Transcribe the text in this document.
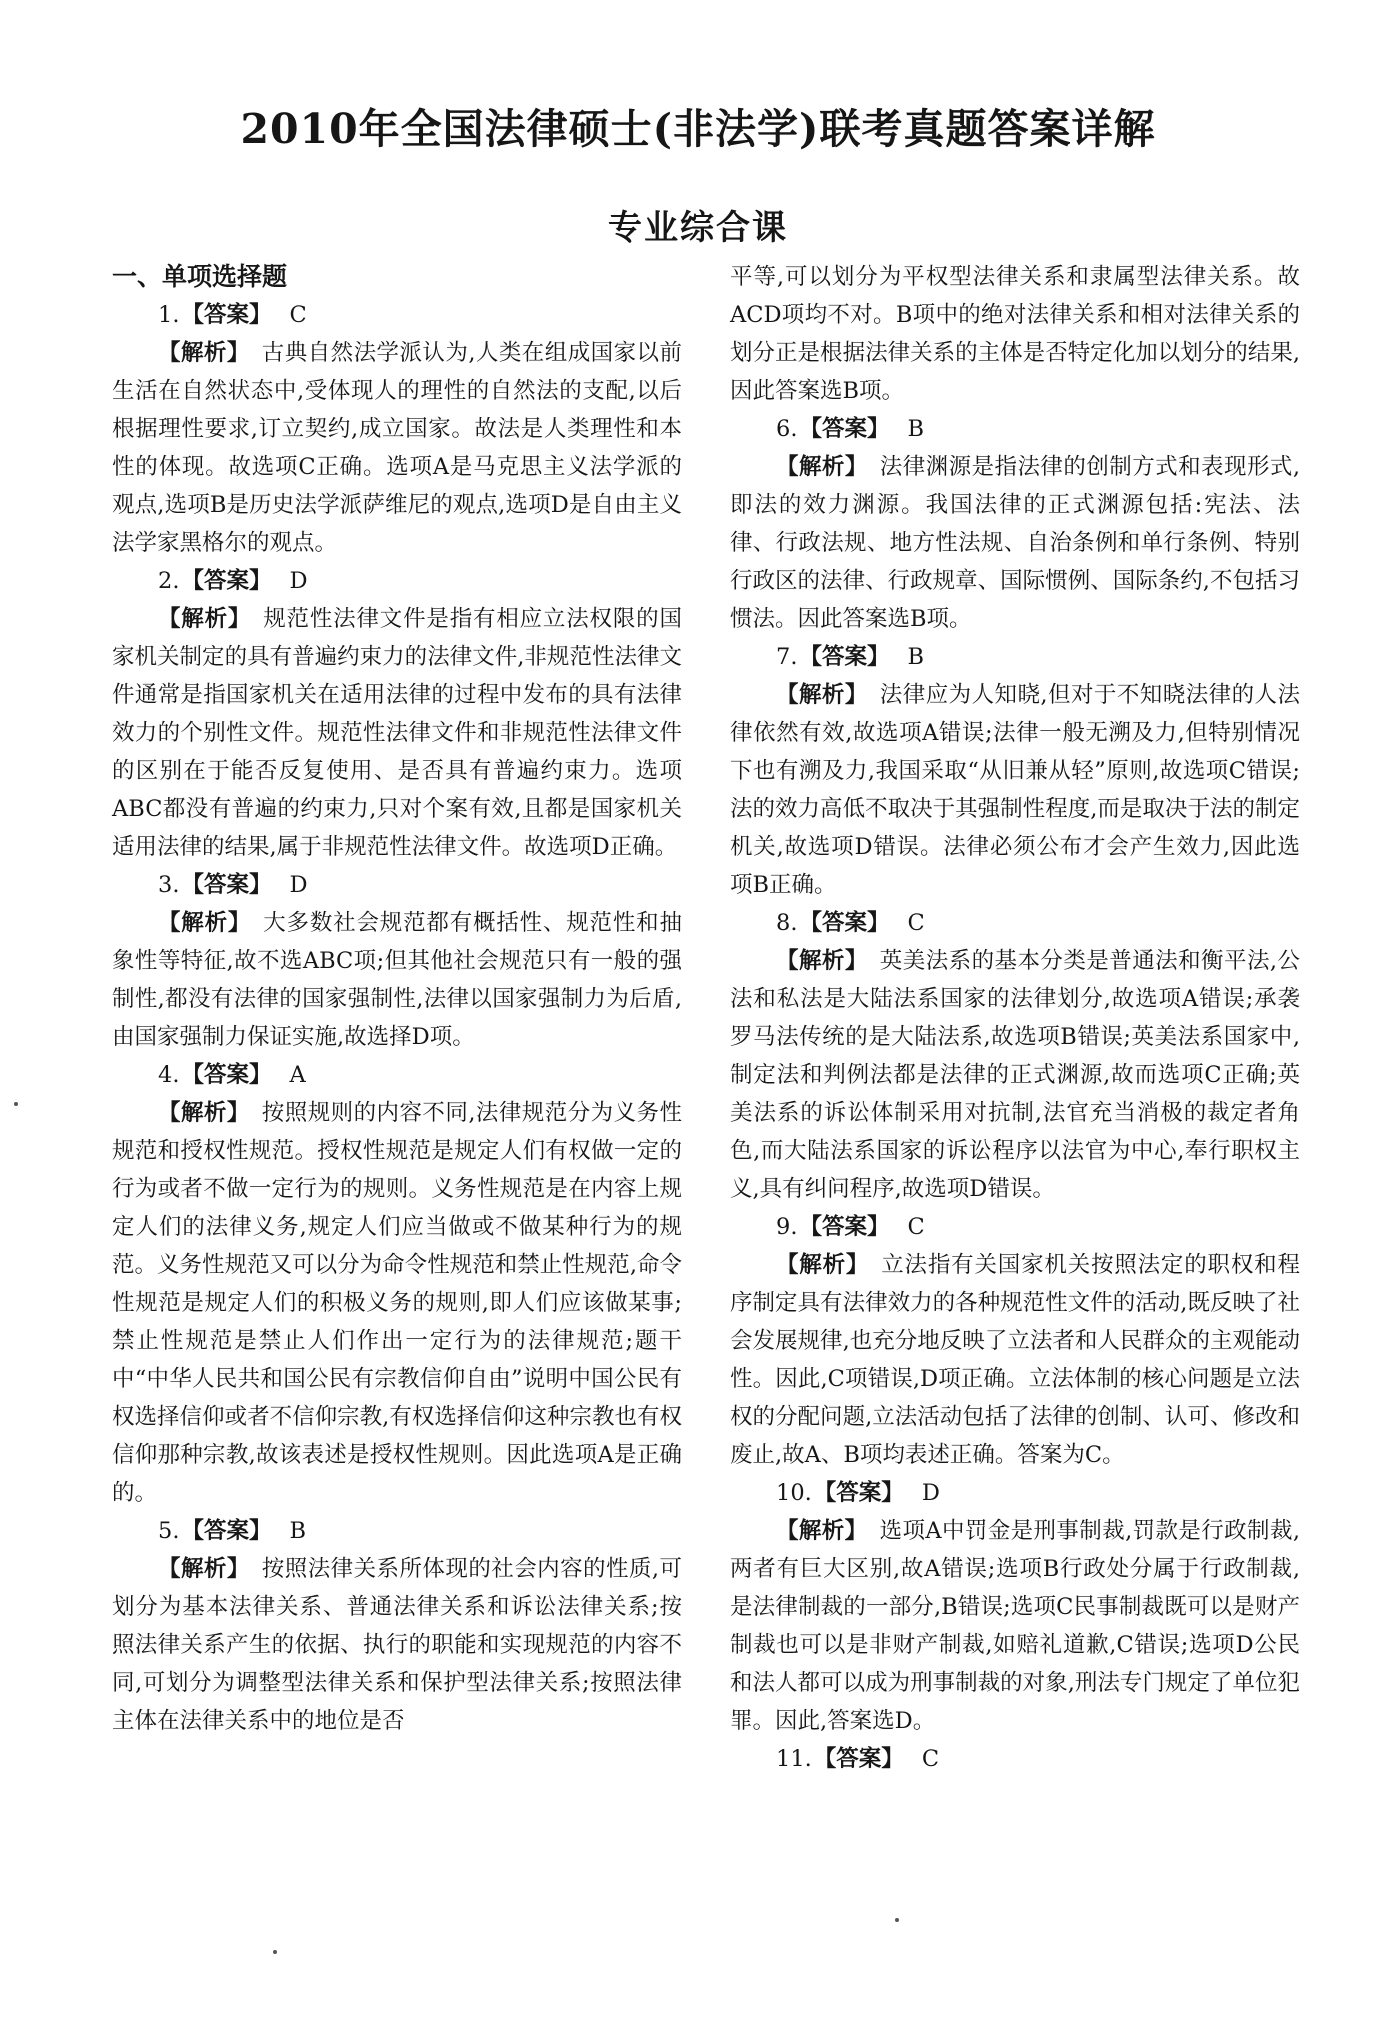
2010年全国法律硕士(非法学)联考真题答案详解
专业综合课
一、单项选择题
1.【答案】 C

【解析】 古典自然法学派认为,人类在组成国家以前生活在自然状态中,受体现人的理性的自然法的支配,以后根据理性要求,订立契约,成立国家。故法是人类理性和本性的体现。故选项C正确。选项A是马克思主义法学派的观点,选项B是历史法学派萨维尼的观点,选项D是自由主义法学家黑格尔的观点。

2.【答案】 D

【解析】 规范性法律文件是指有相应立法权限的国家机关制定的具有普遍约束力的法律文件,非规范性法律文件通常是指国家机关在适用法律的过程中发布的具有法律效力的个别性文件。规范性法律文件和非规范性法律文件的区别在于能否反复使用、是否具有普遍约束力。选项ABC都没有普遍的约束力,只对个案有效,且都是国家机关适用法律的结果,属于非规范性法律文件。故选项D正确。

3.【答案】 D

【解析】 大多数社会规范都有概括性、规范性和抽象性等特征,故不选ABC项;但其他社会规范只有一般的强制性,都没有法律的国家强制性,法律以国家强制力为后盾,由国家强制力保证实施,故选择D项。

4.【答案】 A

【解析】 按照规则的内容不同,法律规范分为义务性规范和授权性规范。授权性规范是规定人们有权做一定的行为或者不做一定行为的规则。义务性规范是在内容上规定人们的法律义务,规定人们应当做或不做某种行为的规范。义务性规范又可以分为命令性规范和禁止性规范,命令性规范是规定人们的积极义务的规则,即人们应该做某事;禁止性规范是禁止人们作出一定行为的法律规范;题干中“中华人民共和国公民有宗教信仰自由”说明中国公民有权选择信仰或者不信仰宗教,有权选择信仰这种宗教也有权信仰那种宗教,故该表述是授权性规则。因此选项A是正确的。

5.【答案】 B

【解析】 按照法律关系所体现的社会内容的性质,可划分为基本法律关系、普通法律关系和诉讼法律关系;按照法律关系产生的依据、执行的职能和实现规范的内容不同,可划分为调整型法律关系和保护型法律关系;按照法律主体在法律关系中的地位是否

平等,可以划分为平权型法律关系和隶属型法律关系。故ACD项均不对。B项中的绝对法律关系和相对法律关系的划分正是根据法律关系的主体是否特定化加以划分的结果,因此答案选B项。

6.【答案】 B

【解析】 法律渊源是指法律的创制方式和表现形式,即法的效力渊源。我国法律的正式渊源包括:宪法、法律、行政法规、地方性法规、自治条例和单行条例、特别行政区的法律、行政规章、国际惯例、国际条约,不包括习惯法。因此答案选B项。

7.【答案】 B

【解析】 法律应为人知晓,但对于不知晓法律的人法律依然有效,故选项A错误;法律一般无溯及力,但特别情况下也有溯及力,我国采取“从旧兼从轻”原则,故选项C错误;法的效力高低不取决于其强制性程度,而是取决于法的制定机关,故选项D错误。法律必须公布才会产生效力,因此选项B正确。

8.【答案】 C

【解析】 英美法系的基本分类是普通法和衡平法,公法和私法是大陆法系国家的法律划分,故选项A错误;承袭罗马法传统的是大陆法系,故选项B错误;英美法系国家中,制定法和判例法都是法律的正式渊源,故而选项C正确;英美法系的诉讼体制采用对抗制,法官充当消极的裁定者角色,而大陆法系国家的诉讼程序以法官为中心,奉行职权主义,具有纠问程序,故选项D错误。

9.【答案】 C

【解析】 立法指有关国家机关按照法定的职权和程序制定具有法律效力的各种规范性文件的活动,既反映了社会发展规律,也充分地反映了立法者和人民群众的主观能动性。因此,C项错误,D项正确。立法体制的核心问题是立法权的分配问题,立法活动包括了法律的创制、认可、修改和废止,故A、B项均表述正确。答案为C。

10.【答案】 D

【解析】 选项A中罚金是刑事制裁,罚款是行政制裁,两者有巨大区别,故A错误;选项B行政处分属于行政制裁,是法律制裁的一部分,B错误;选项C民事制裁既可以是财产制裁也可以是非财产制裁,如赔礼道歉,C错误;选项D公民和法人都可以成为刑事制裁的对象,刑法专门规定了单位犯罪。因此,答案选D。

11.【答案】 C
